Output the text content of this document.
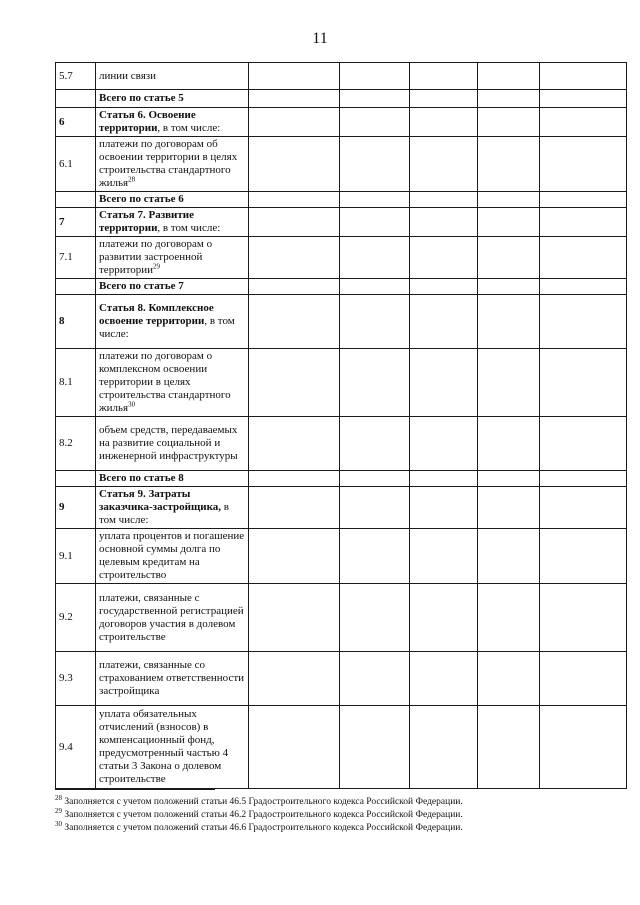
11
5.7	линии связи					
	Всего по статье 5					
6	Статья 6. Освоение территории, в том числе:					
6.1	платежи по договорам об освоении территории в целях строительства стандартного жилья$^{28}$					
	Всего по статье 6					
7	Статья 7. Развитие территории, в том числе:					
7.1	платежи по договорам о развитии застроенной территории$^{29}$					
	Всего по статье 7					
8	Статья 8. Комплексное освоение территории, в том числе:					
8.1	платежи по договорам о комплексном освоении территории в целях строительства стандартного жилья$^{30}$					
8.2	объем средств, передаваемых на развитие социальной и инженерной инфраструктуры					
	Всего по статье 8					
9	Статья 9. Затраты заказчика-застройщика, в том числе:					
9.1	уплата процентов и погашение основной суммы долга по целевым кредитам на строительство					
9.2	платежи, связанные с государственной регистрацией договоров участия в долевом строительстве					
9.3	платежи, связанные со страхованием ответственности застройщика					
9.4	уплата обязательных отчислений (взносов) в компенсационный фонд, предусмотренный частью 4 статьи 3 Закона о долевом строительстве					
$^{28}$ Заполняется с учетом положений статьи 46.5 Градостроительного кодекса Российской Федерации.
$^{29}$ Заполняется с учетом положений статьи 46.2 Градостроительного кодекса Российской Федерации.
$^{30}$ Заполняется с учетом положений статьи 46.6 Градостроительного кодекса Российской Федерации.
